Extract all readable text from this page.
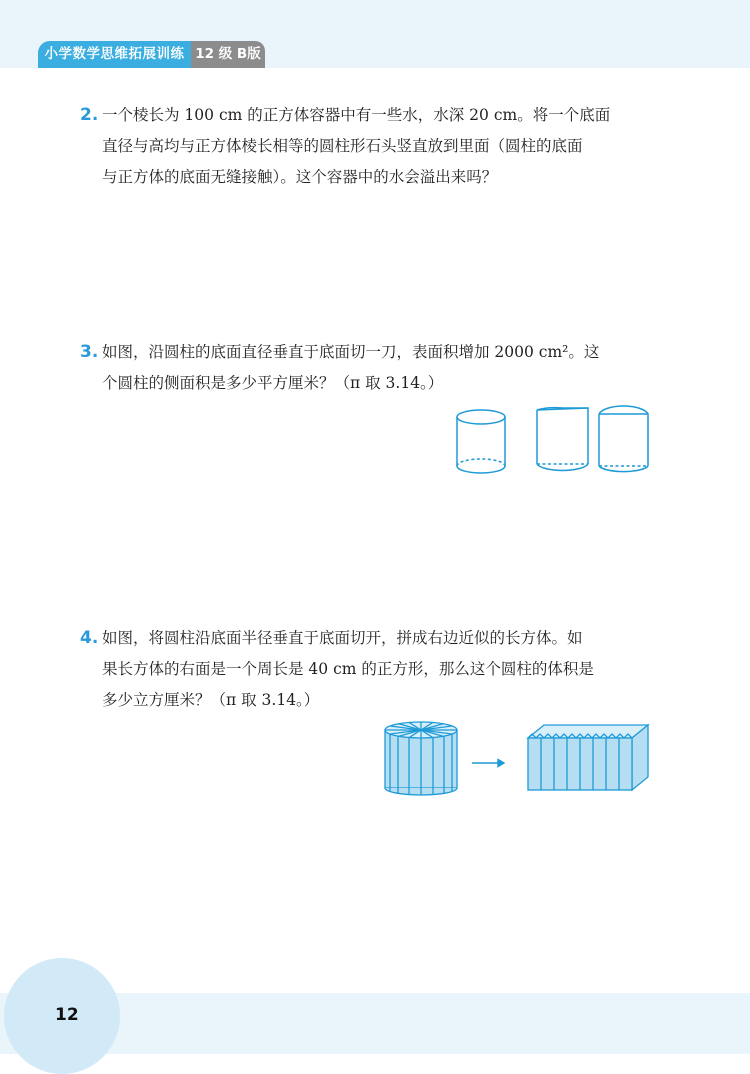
小学数学思维拓展训练 12 级 B版
2. 一个棱长为 100 cm 的正方体容器中有一些水，水深 20 cm。将一个底面
直径与高均与正方体棱长相等的圆柱形石头竖直放到里面（圆柱的底面
与正方体的底面无缝接触）。这个容器中的水会溢出来吗？
3. 如图，沿圆柱的底面直径垂直于底面切一刀，表面积增加 2000 cm²。这
个圆柱的侧面积是多少平方厘米？（π 取 3.14。）
4. 如图，将圆柱沿底面半径垂直于底面切开，拼成右边近似的长方体。如
果长方体的右面是一个周长是 40 cm 的正方形，那么这个圆柱的体积是
多少立方厘米？（π 取 3.14。）
12
